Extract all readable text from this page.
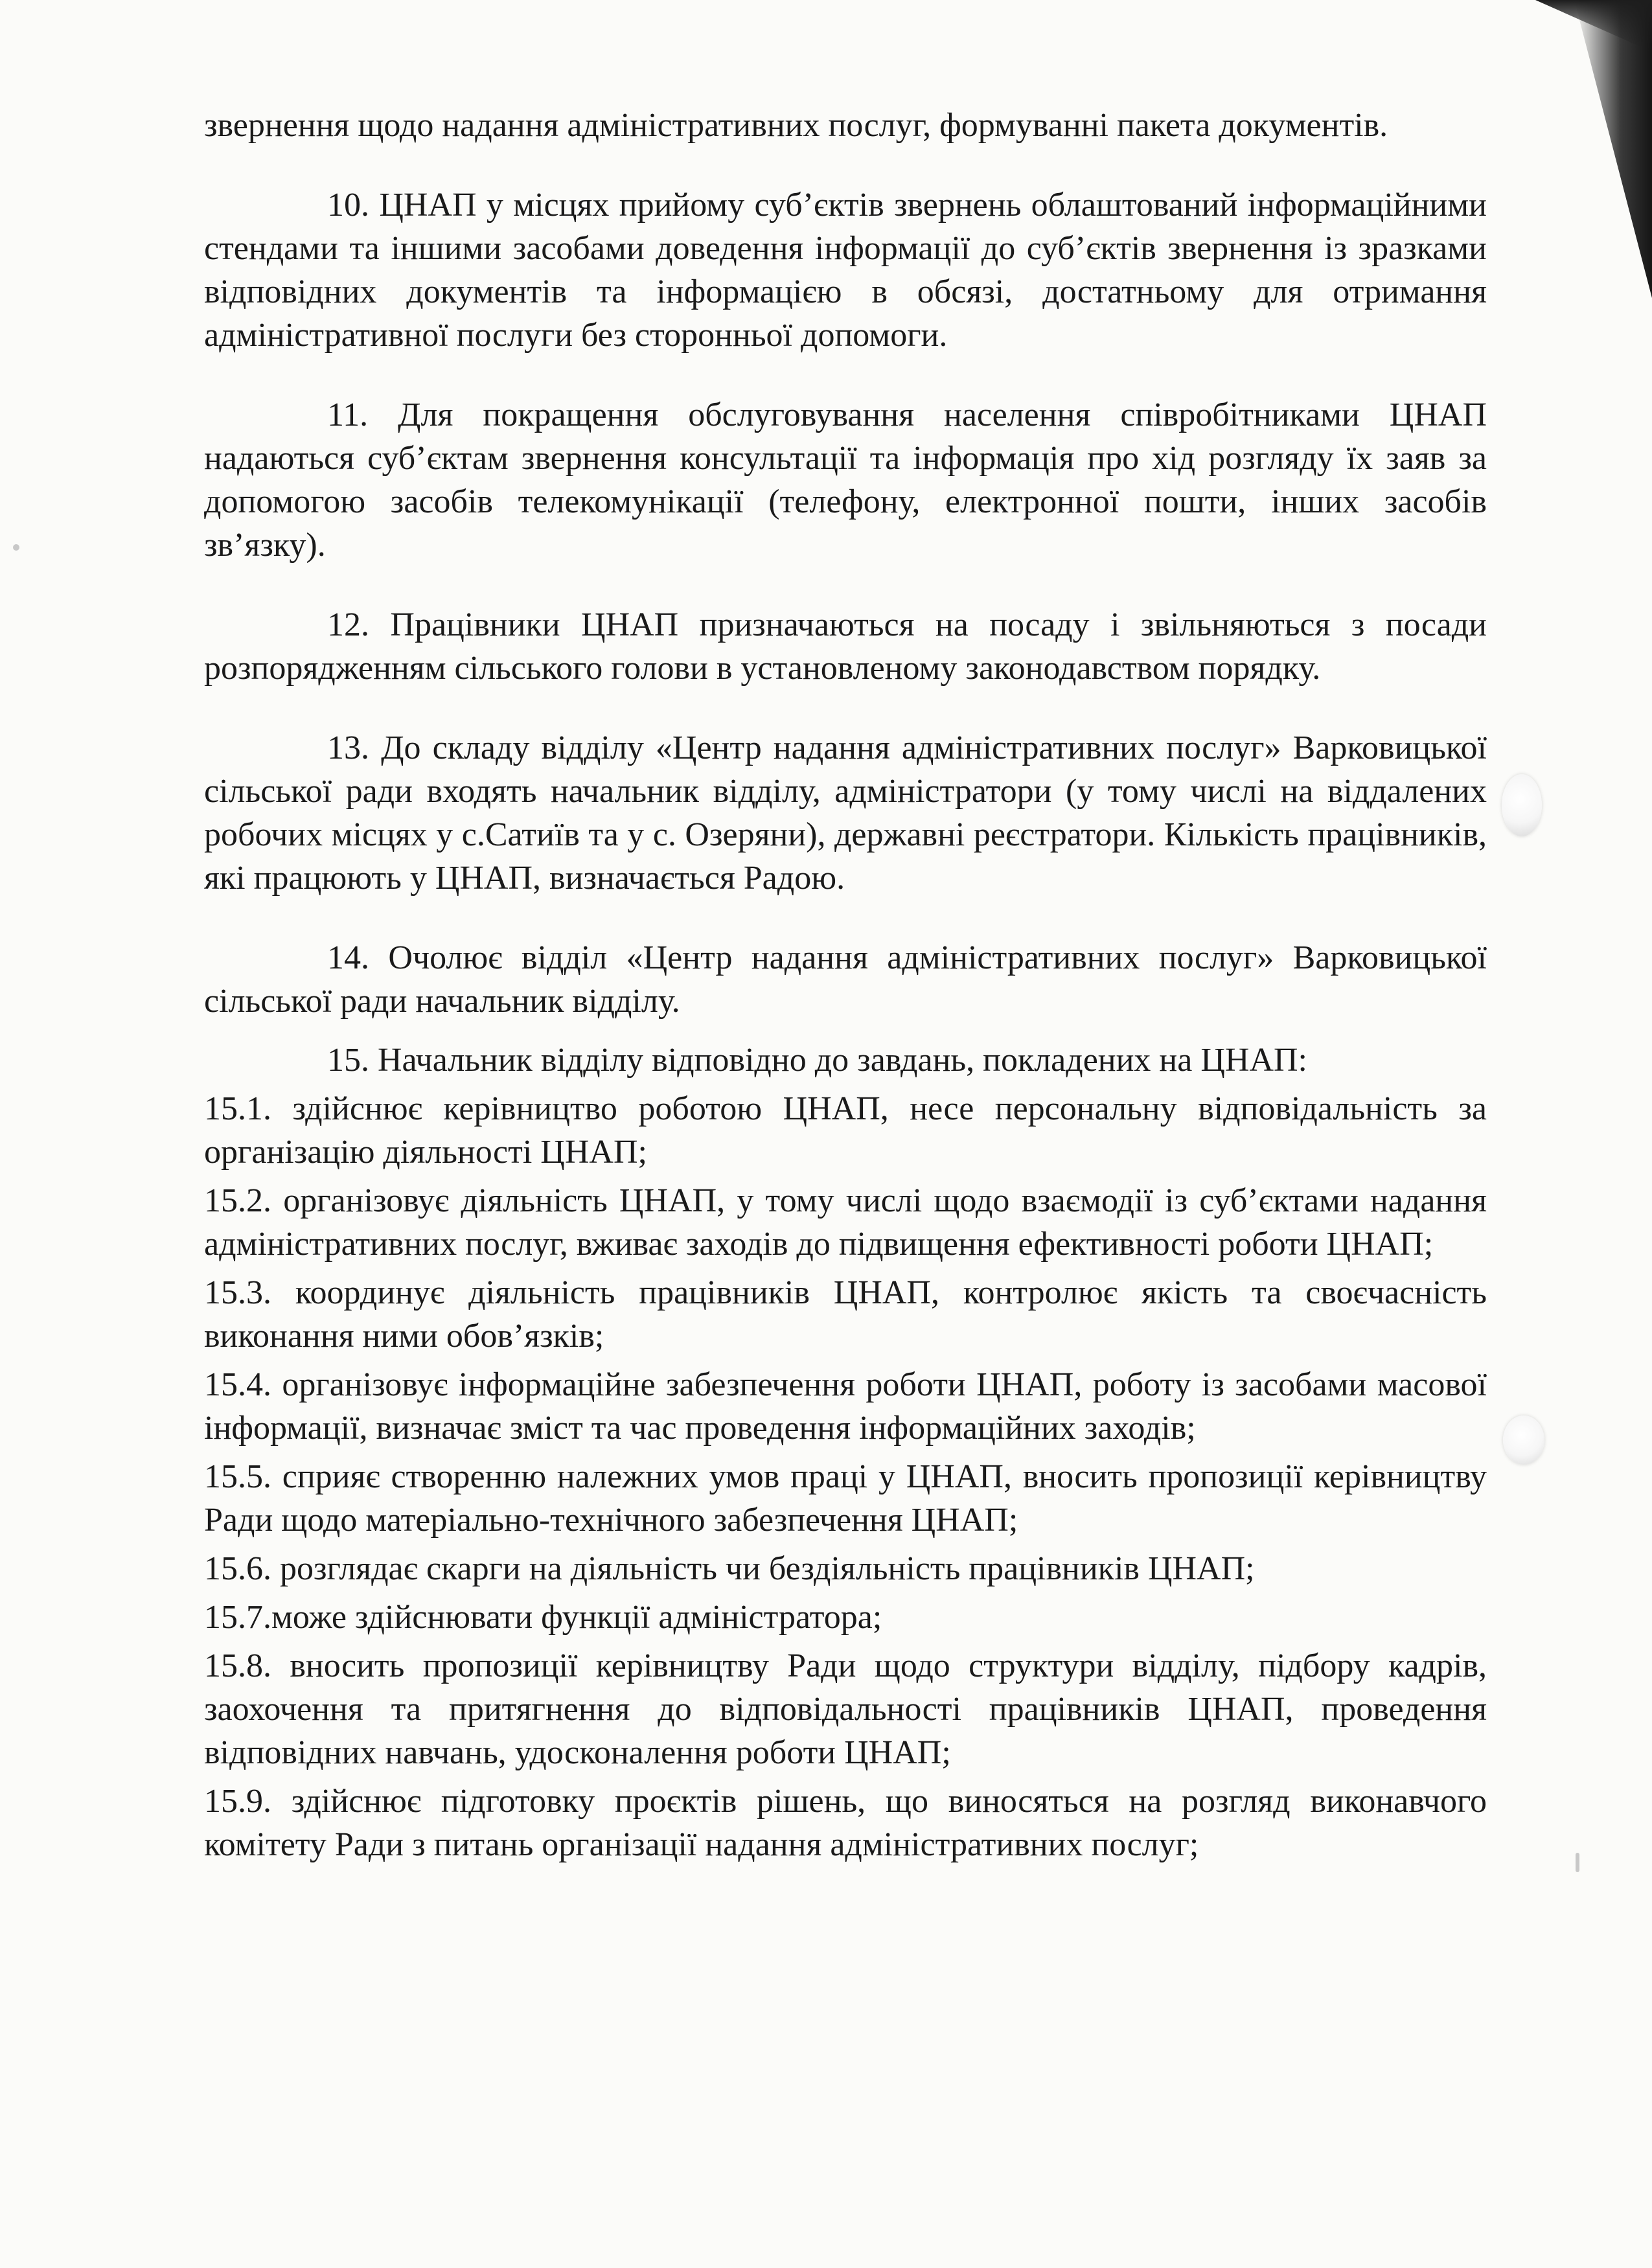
звернення щодо надання адміністративних послуг, формуванні пакета документів.

10. ЦНАП у місцях прийому суб’єктів звернень облаштований інформаційними стендами та іншими засобами доведення інформації до суб’єктів звернення із зразками відповідних документів та інформацією в обсязі, достатньому для отримання адміністративної послуги без сторонньої допомоги.

11. Для покращення обслуговування населення співробітниками ЦНАП надаються суб’єктам звернення консультації та інформація про хід розгляду їх заяв за допомогою засобів телекомунікації (телефону, електронної пошти, інших засобів зв’язку).

12. Працівники ЦНАП призначаються на посаду і звільняються з посади розпорядженням сільського голови в установленому законодавством порядку.

13. До складу відділу «Центр надання адміністративних послуг» Варковицької сільської ради входять начальник відділу, адміністратори (у тому числі на віддалених робочих місцях у с.Сатиїв та у с. Озеряни), державні реєстратори. Кількість працівників, які працюють у ЦНАП, визначається Радою.

14. Очолює відділ «Центр надання адміністративних послуг» Варковицької сільської ради начальник відділу.

15. Начальник відділу відповідно до завдань, покладених на ЦНАП:

15.1. здійснює керівництво роботою ЦНАП, несе персональну відповідальність за організацію діяльності ЦНАП;

15.2. організовує діяльність ЦНАП, у тому числі щодо взаємодії із суб’єктами надання адміністративних послуг, вживає заходів до підвищення ефективності роботи ЦНАП;

15.3. координує діяльність працівників ЦНАП, контролює якість та своєчасність виконання ними обов’язків;

15.4. організовує інформаційне забезпечення роботи ЦНАП, роботу із засобами масової інформації, визначає зміст та час проведення інформаційних заходів;

15.5. сприяє створенню належних умов праці у ЦНАП, вносить пропозиції керівництву Ради щодо матеріально-технічного забезпечення ЦНАП;

15.6. розглядає скарги на діяльність чи бездіяльність працівників ЦНАП;

15.7.може здійснювати функції адміністратора;

15.8. вносить пропозиції керівництву Ради щодо структури відділу, підбору кадрів, заохочення та притягнення до відповідальності працівників ЦНАП, проведення відповідних навчань, удосконалення роботи ЦНАП;

15.9. здійснює підготовку проєктів рішень, що виносяться на розгляд виконавчого комітету Ради з питань організації надання адміністративних послуг;
